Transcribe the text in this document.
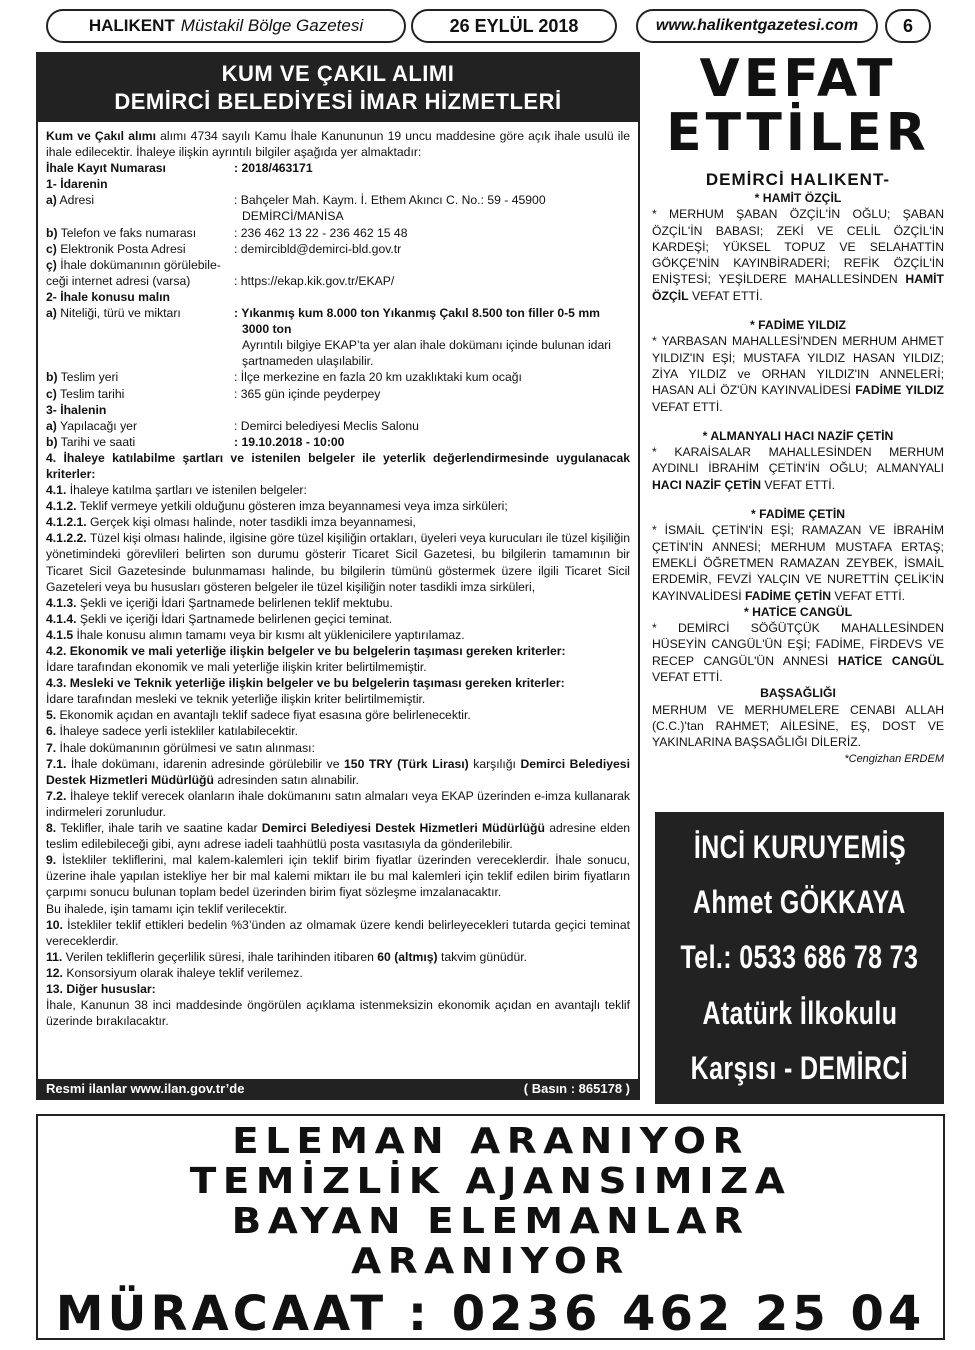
HALIKENT Müstakil Bölge Gazetesi	26 EYLÜL 2018	www.halikentgazetesi.com	6
KUM VE ÇAKIL ALIMI
DEMİRCİ BELEDİYESİ İMAR HİZMETLERİ

Kum ve Çakıl alımı alımı 4734 sayılı Kamu İhale Kanununun 19 uncu maddesine göre açık ihale usulü ile ihale edilecektir. İhaleye ilişkin ayrıntılı bilgiler aşağıda yer almaktadır:

İhale Kayıt Numarası	: 2018/463171

1- İdarenin

a) Adresi	: Bahçeler Mah. Kaym. İ. Ethem Akıncı C. No.: 59 - 45900
DEMİRCİ/MANİSA
b) Telefon ve faks numarası	: 236 462 13 22 - 236 462 15 48
c) Elektronik Posta Adresi	: demircibld@demirci-bld.gov.tr
ç) İhale dokümanının görülebile-
ceği internet adresi (varsa)	: https://ekap.kik.gov.tr/EKAP/

2- İhale konusu malın

a) Niteliği, türü ve miktarı	: Yıkanmış kum 8.000 ton Yıkanmış Çakıl 8.500 ton filler 0-5 mm
3000 ton
Ayrıntılı bilgiye EKAP’ta yer alan ihale dokümanı içinde bulunan idari şartnameden ulaşılabilir.
b) Teslim yeri	: İlçe merkezine en fazla 20 km uzaklıktaki kum ocağı
c) Teslim tarihi	: 365 gün içinde peyderpey

3- İhalenin

a) Yapılacağı yer	: Demirci belediyesi Meclis Salonu
b) Tarihi ve saati	: 19.10.2018 - 10:00

4. İhaleye katılabilme şartları ve istenilen belgeler ile yeterlik değerlendirmesinde uygulanacak kriterler:

4.1. İhaleye katılma şartları ve istenilen belgeler:

4.1.2. Teklif vermeye yetkili olduğunu gösteren imza beyannamesi veya imza sirküleri;

4.1.2.1. Gerçek kişi olması halinde, noter tasdikli imza beyannamesi,

4.1.2.2. Tüzel kişi olması halinde, ilgisine göre tüzel kişiliğin ortakları, üyeleri veya kurucuları ile tüzel kişiliğin yönetimindeki görevlileri belirten son durumu gösterir Ticaret Sicil Gazetesi, bu bilgilerin tamamının bir Ticaret Sicil Gazetesinde bulunmaması halinde, bu bilgilerin tümünü göstermek üzere ilgili Ticaret Sicil Gazeteleri veya bu hususları gösteren belgeler ile tüzel kişiliğin noter tasdikli imza sirküleri,

4.1.3. Şekli ve içeriği İdari Şartnamede belirlenen teklif mektubu.

4.1.4. Şekli ve içeriği İdari Şartnamede belirlenen geçici teminat.

4.1.5 İhale konusu alımın tamamı veya bir kısmı alt yüklenicilere yaptırılamaz.

4.2. Ekonomik ve mali yeterliğe ilişkin belgeler ve bu belgelerin taşıması gereken kriterler:

İdare tarafından ekonomik ve mali yeterliğe ilişkin kriter belirtilmemiştir.

4.3. Mesleki ve Teknik yeterliğe ilişkin belgeler ve bu belgelerin taşıması gereken kriterler:

İdare tarafından mesleki ve teknik yeterliğe ilişkin kriter belirtilmemiştir.

5. Ekonomik açıdan en avantajlı teklif sadece fiyat esasına göre belirlenecektir.

6. İhaleye sadece yerli istekliler katılabilecektir.

7. İhale dokümanının görülmesi ve satın alınması:

7.1. İhale dokümanı, idarenin adresinde görülebilir ve 150 TRY (Türk Lirası) karşılığı Demirci Belediyesi Destek Hizmetleri Müdürlüğü adresinden satın alınabilir.

7.2. İhaleye teklif verecek olanların ihale dokümanını satın almaları veya EKAP üzerinden e-imza kullanarak indirmeleri zorunludur.

8. Teklifler, ihale tarih ve saatine kadar Demirci Belediyesi Destek Hizmetleri Müdürlüğü adresine elden teslim edilebileceği gibi, aynı adrese iadeli taahhütlü posta vasıtasıyla da gönderilebilir.

9. İstekliler tekliflerini, mal kalem-kalemleri için teklif birim fiyatlar üzerinden vereceklerdir. İhale sonucu, üzerine ihale yapılan istekliye her bir mal kalemi miktarı ile bu mal kalemleri için teklif edilen birim fiyatların çarpımı sonucu bulunan toplam bedel üzerinden birim fiyat sözleşme imzalanacaktır.

Bu ihalede, işin tamamı için teklif verilecektir.

10. İstekliler teklif ettikleri bedelin %3’ünden az olmamak üzere kendi belirleyecekleri tutarda geçici teminat vereceklerdir.

11. Verilen tekliflerin geçerlilik süresi, ihale tarihinden itibaren 60 (altmış) takvim günüdür.

12. Konsorsiyum olarak ihaleye teklif verilemez.

13. Diğer hususlar:

İhale, Kanunun 38 inci maddesinde öngörülen açıklama istenmeksizin ekonomik açıdan en avantajlı teklif üzerinde bırakılacaktır.

Resmi ilanlar www.ilan.gov.tr’de	( Basın : 865178 )
VEFAT
ETTİLER
DEMİRCİ HALIKENT-

* HAMİT ÖZÇİL

* MERHUM ŞABAN ÖZÇİL'İN OĞLU; ŞABAN ÖZÇİL'İN BABASI; ZEKİ VE CELİL ÖZÇİL'İN KARDEŞİ; YÜKSEL TOPUZ VE SELAHATTİN GÖKÇE'NİN KAYINBİRADERİ; REFİK ÖZÇİL'İN ENİŞTESİ; YEŞİLDERE MAHALLESİNDEN HAMİT ÖZÇİL VEFAT ETTİ.

* FADİME YILDIZ

* YARBASAN MAHALLESİ'NDEN MERHUM AHMET YILDIZ'IN EŞİ; MUSTAFA YILDIZ HASAN YILDIZ; ZİYA YILDIZ ve ORHAN YILDIZ'IN ANNELERİ; HASAN ALİ ÖZ'ÜN KAYINVALİDESİ FADİME YILDIZ VEFAT ETTİ.

* ALMANYALI HACI NAZİF ÇETİN

* KARAİSALAR MAHALLESİNDEN MERHUM AYDINLI İBRAHİM ÇETİN'İN OĞLU; ALMANYALI HACI NAZİF ÇETİN VEFAT ETTİ.

* FADİME ÇETİN

* İSMAİL ÇETİN'İN EŞİ; RAMAZAN VE İBRAHİM ÇETİN'İN ANNESİ; MERHUM MUSTAFA ERTAŞ; EMEKLİ ÖĞRETMEN RAMAZAN ZEYBEK, İSMAİL ERDEMİR, FEVZİ YALÇIN VE NURETTİN ÇELİK'İN KAYINVALİDESİ FADİME ÇETİN VEFAT ETTİ.

* HATİCE CANGÜL

* DEMİRCİ SÖĞÜTÇÜK MAHALLESİNDEN HÜSEYİN CANGÜL'ÜN EŞİ; FADİME, FİRDEVS VE RECEP CANGÜL'ÜN ANNESİ HATİCE CANGÜL VEFAT ETTİ.

BAŞSAĞLIĞI

MERHUM VE MERHUMELERE CENABI ALLAH (C.C.)'tan RAHMET; AİLESİNE, EŞ, DOST VE YAKINLARINA BAŞSAĞLIĞI DİLERİZ.

*Cengizhan ERDEM
İNCİ KURUYEMİŞ
Ahmet GÖKKAYA
Tel.: 0533 686 78 73
Atatürk İlkokulu
Karşısı - DEMİRCİ
ELEMAN ARANIYOR
TEMİZLİK AJANSIMIZA
BAYAN ELEMANLAR
ARANIYOR
MÜRACAAT : 0236 462 25 04
